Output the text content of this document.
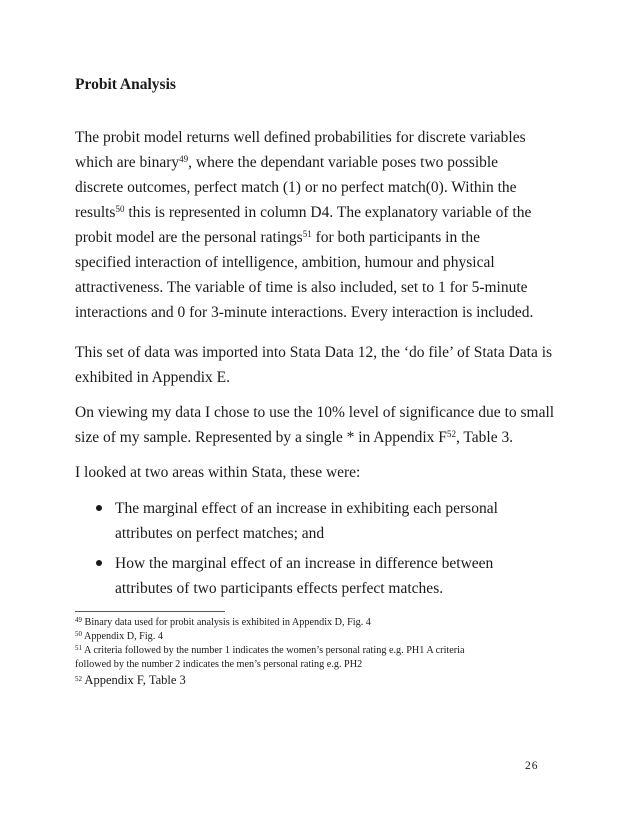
Probit Analysis
The probit model returns well defined probabilities for discrete variables
which are binary$^{49}$, where the dependant variable poses two possible
discrete outcomes, perfect match (1) or no perfect match(0). Within the
results$^{50}$ this is represented in column D4. The explanatory variable of the
probit model are the personal ratings$^{51}$ for both participants in the
specified interaction of intelligence, ambition, humour and physical
attractiveness. The variable of time is also included, set to 1 for 5-minute
interactions and 0 for 3-minute interactions. Every interaction is included.
This set of data was imported into Stata Data 12, the ‘do file’ of Stata Data is
exhibited in Appendix E.
On viewing my data I chose to use the 10% level of significance due to small
size of my sample. Represented by a single * in Appendix $F^{52}$, Table 3.
I looked at two areas within Stata, these were:
The marginal effect of an increase in exhibiting each personal
attributes on perfect matches; and
How the marginal effect of an increase in difference between
attributes of two participants effects perfect matches.
$^{49}$ Binary data used for probit analysis is exhibited in Appendix D, Fig. 4
$^{50}$ Appendix D, Fig. 4
$^{51}$ A criteria followed by the number 1 indicates the women’s personal rating e.g. PH1 A criteria
followed by the number 2 indicates the men’s personal rating e.g. PH2
$^{52}$ Appendix F, Table 3
26
